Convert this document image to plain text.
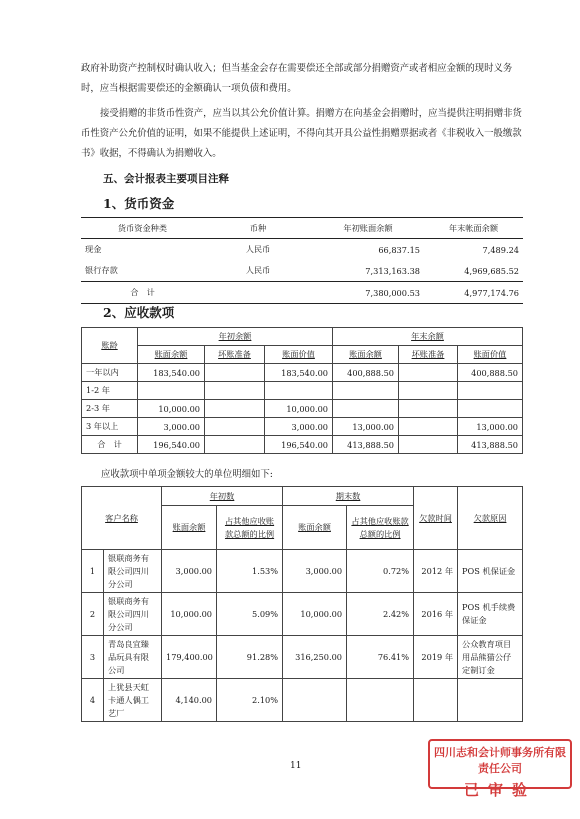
政府补助资产控制权时确认收入；但当基金会存在需要偿还全部或部分捐赠资产或者相应金额的现时义务时，应当根据需要偿还的金额确认一项负债和费用。

接受捐赠的非货币性资产，应当以其公允价值计算。捐赠方在向基金会捐赠时，应当提供注明捐赠非货币性资产公允价值的证明，如果不能提供上述证明，不得向其开具公益性捐赠票据或者《非税收入一般缴款书》收据，不得确认为捐赠收入。

五、会计报表主要项目注释

1、货币资金

货币资金种类	币种	年初账面余额	年末帐面余额
现金	人民币	66,837.15	7,489.24
银行存款	人民币	7,313,163.38	4,969,685.52
合　计		7,380,000.53	4,977,174.76

2、应收款项

账龄	年初余额			年末余额		
	账面余额	坏账准备	账面价值	账面余额	坏账准备	账面价值
一年以内	183,540.00		183,540.00	400,888.50		400,888.50
1-2 年						
2-3 年	10,000.00		10,000.00			
3 年以上	3,000.00		3,000.00	13,000.00		13,000.00
合　计	196,540.00		196,540.00	413,888.50		413,888.50

应收款项中单项金额较大的单位明细如下:

客户名称		年初数		期末数		欠款时间	欠款原因
		账面余额	占其他应收账款总额的比例	账面余额	占其他应收账款总额的比例		
1	银联商务有限公司四川分公司	3,000.00	1.53%	3,000.00	0.72%	2012 年	POS 机保证金
2	银联商务有限公司四川分公司	10,000.00	5.09%	10,000.00	2.42%	2016 年	POS 机手续费保证金
3	青岛良宜臻品玩具有限公司	179,400.00	91.28%	316,250.00	76.41%	2019 年	公众教育项目用品熊猫公仔定制订金
4	上犹县天虹卡通人偶工艺厂	4,140.00	2.10%				
11
四川志和会计师事务所有限责任公司
已审验
